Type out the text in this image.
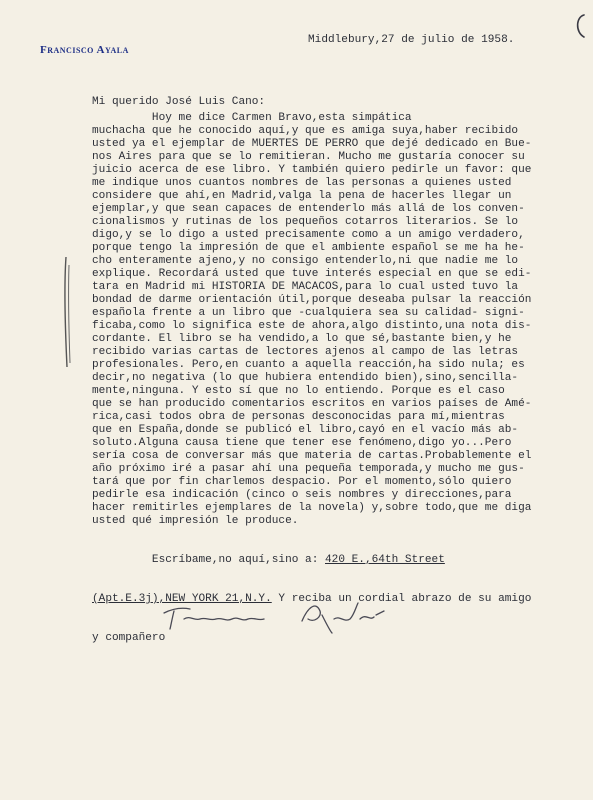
Francisco Ayala
Middlebury,27 de julio de 1958.
Mi querido José Luis Cano:
Hoy me dice Carmen Bravo,esta simpática
muchacha que he conocido aquí,y que es amiga suya,haber recibido
usted ya el ejemplar de MUERTES DE PERRO que dejé dedicado en Bue-
nos Aires para que se lo remitieran. Mucho me gustaría conocer su
juicio acerca de ese libro. Y también quiero pedirle un favor: que
me indique unos cuantos nombres de las personas a quienes usted
considere que ahí,en Madrid,valga la pena de hacerles llegar un
ejemplar,y que sean capaces de entenderlo más allá de los conven-
cionalismos y rutinas de los pequeños cotarros literarios. Se lo
digo,y se lo digo a usted precisamente como a un amigo verdadero,
porque tengo la impresión de que el ambiente español se me ha he-
cho enteramente ajeno,y no consigo entenderlo,ni que nadie me lo
explique. Recordará usted que tuve interés especial en que se edi-
tara en Madrid mi HISTORIA DE MACACOS,para lo cual usted tuvo la
bondad de darme orientación útil,porque deseaba pulsar la reacción
española frente a un libro que -cualquiera sea su calidad- signi-
ficaba,como lo significa este de ahora,algo distinto,una nota dis-
cordante. El libro se ha vendido,a lo que sé,bastante bien,y he
recibido varias cartas de lectores ajenos al campo de las letras
profesionales. Pero,en cuanto a aquella reacción,ha sido nula; es
decir,no negativa (lo que hubiera entendido bien),sino,sencilla-
mente,ninguna. Y esto sí que no lo entiendo. Porque es el caso
que se han producido comentarios escritos en varios países de Amé-
rica,casi todos obra de personas desconocidas para mí,mientras
que en España,donde se publicó el libro,cayó en el vacío más ab-
soluto.Alguna causa tiene que tener ese fenómeno,digo yo...Pero
sería cosa de conversar más que materia de cartas.Probablemente el
año próximo iré a pasar ahí una pequeña temporada,y mucho me gus-
tará que por fin charlemos despacio. Por el momento,sólo quiero
pedirle esa indicación (cinco o seis nombres y direcciones,para
hacer remitirles ejemplares de la novela) y,sobre todo,que me diga
usted qué impresión le produce.

Escríbame,no aquí,sino a: 420 E.,64th Street

(Apt.E.3j),NEW YORK 21,N.Y. Y reciba un cordial abrazo de su amigo

y compañero
